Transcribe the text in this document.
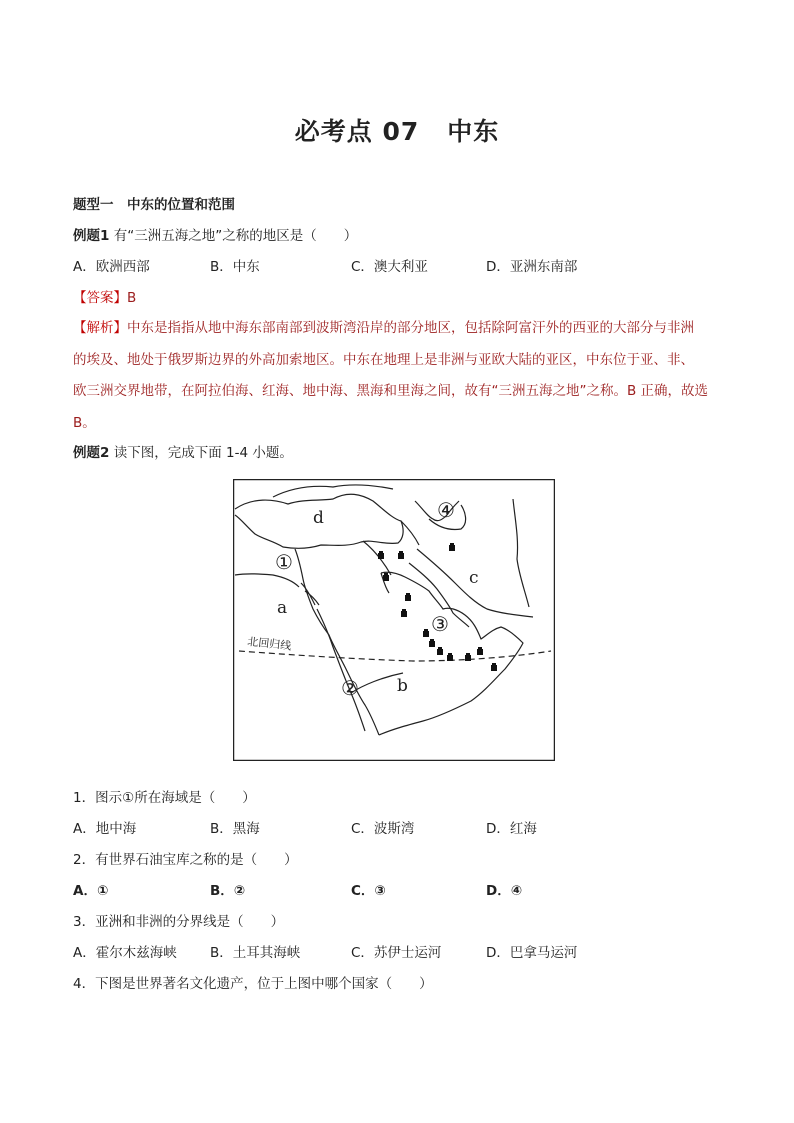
必考点 07 中东
题型一　中东的位置和范围
例题1 有“三洲五海之地”之称的地区是（　　）
A．欧洲西部	B．中东	C．澳大利亚	D．亚洲东南部
【答案】B
【解析】中东是指指从地中海东部南部到波斯湾沿岸的部分地区，包括除阿富汗外的西亚的大部分与非洲
的埃及、地处于俄罗斯边界的外高加索地区。中东在地理上是非洲与亚欧大陆的亚区，中东位于亚、非、
欧三洲交界地带，在阿拉伯海、红海、地中海、黑海和里海之间，故有“三洲五海之地”之称。B 正确，故选
B。
例题2 读下图，完成下面 1-4 小题。
北回归线
d
c
a
b
①
②
③
④
1．图示①所在海域是（　　）
A．地中海	B．黑海	C．波斯湾	D．红海
2．有世界石油宝库之称的是（　　）
A．①	B．②	C．③	D．④
3．亚洲和非洲的分界线是（　　）
A．霍尔木兹海峡 B．土耳其海峡	C．苏伊士运河	D．巴拿马运河
4．下图是世界著名文化遗产，位于上图中哪个国家（　　）
